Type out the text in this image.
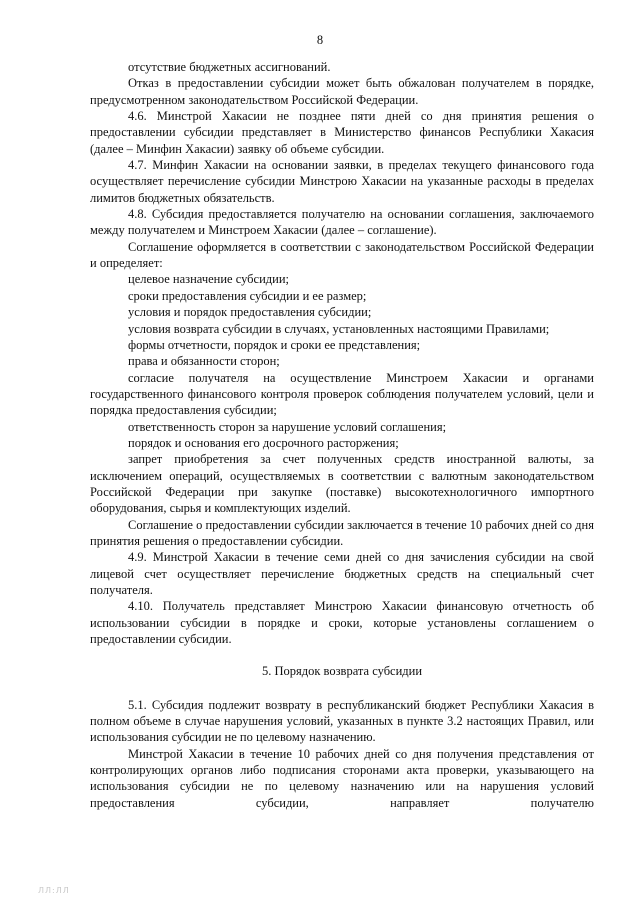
8

отсутствие бюджетных ассигнований.

Отказ в предоставлении субсидии может быть обжалован получателем в порядке, предусмотренном законодательством Российской Федерации.

4.6. Минстрой Хакасии не позднее пяти дней со дня принятия решения о предоставлении субсидии представляет в Министерство финансов Республики Хакасия (далее – Минфин Хакасии) заявку об объеме субсидии.

4.7. Минфин Хакасии на основании заявки, в пределах текущего финансового года осуществляет перечисление субсидии Минстрою Хакасии на указанные расходы в пределах лимитов бюджетных обязательств.

4.8. Субсидия предоставляется получателю на основании соглашения, заключаемого между получателем и Минстроем Хакасии (далее – соглашение).

Соглашение оформляется в соответствии с законодательством Российской Федерации и определяет:

целевое назначение субсидии;

сроки предоставления субсидии и ее размер;

условия и порядок предоставления субсидии;

условия возврата субсидии в случаях, установленных настоящими Правилами;

формы отчетности, порядок и сроки ее представления;

права и обязанности сторон;

согласие получателя на осуществление Минстроем Хакасии и органами государственного финансового контроля проверок соблюдения получателем условий, цели и порядка предоставления субсидии;

ответственность сторон за нарушение условий соглашения;

порядок и основания его досрочного расторжения;

запрет приобретения за счет полученных средств иностранной валюты, за исключением операций, осуществляемых в соответствии с валютным законодательством Российской Федерации при закупке (поставке) высокотехнологичного импортного оборудования, сырья и комплектующих изделий.

Соглашение о предоставлении субсидии заключается в течение 10 рабочих дней со дня принятия решения о предоставлении субсидии.

4.9. Минстрой Хакасии в течение семи дней со дня зачисления субсидии на свой лицевой счет осуществляет перечисление бюджетных средств на специальный счет получателя.

4.10. Получатель представляет Минстрою Хакасии финансовую отчетность об использовании субсидии в порядке и сроки, которые установлены соглашением о предоставлении субсидии.

5. Порядок возврата субсидии

5.1. Субсидия подлежит возврату в республиканский бюджет Республики Хакасия в полном объеме в случае нарушения условий, указанных в пункте 3.2 настоящих Правил, или использования субсидии не по целевому назначению.

Минстрой Хакасии в течение 10 рабочих дней со дня получения представления от контролирующих органов либо подписания сторонами акта проверки, указывающего на использования субсидии не по целевому назначению или на нарушения условий предоставления субсидии, направляет получателю

ЛЛ:ЛЛ
